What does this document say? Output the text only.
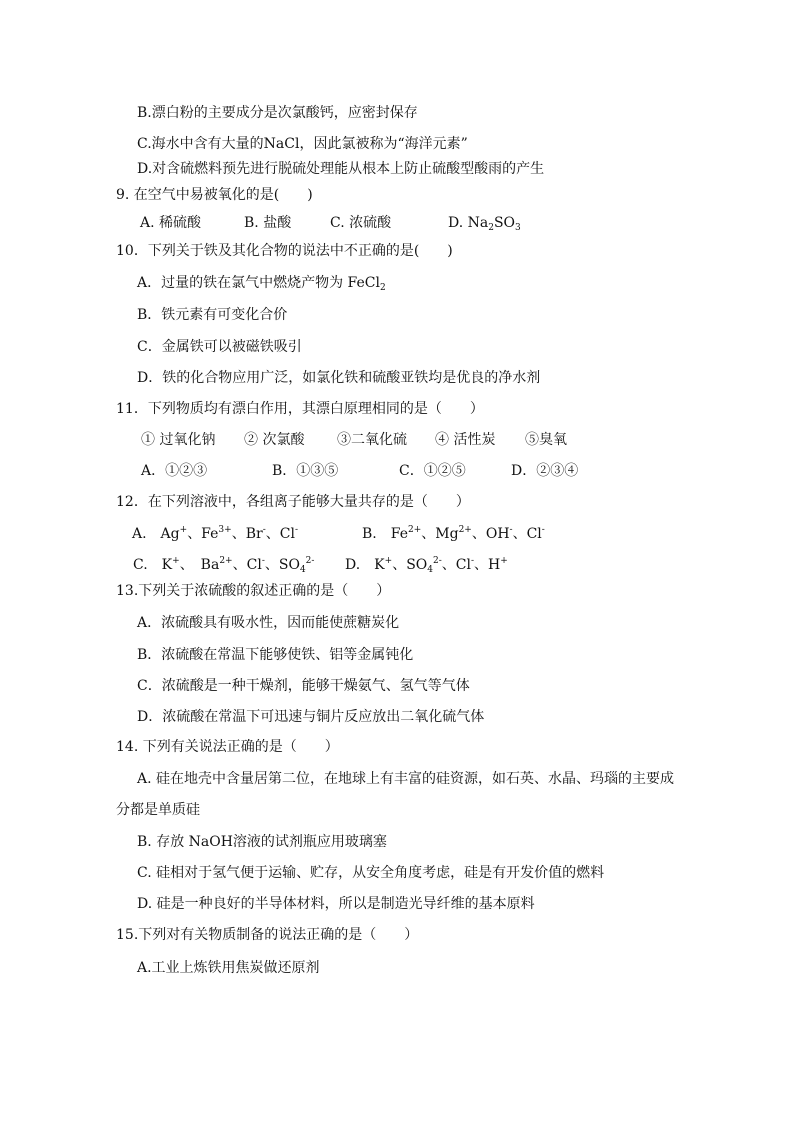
B.漂白粉的主要成分是次氯酸钙，应密封保存
C.海水中含有大量的NaCl，因此氯被称为“海洋元素”
D.对含硫燃料预先进行脱硫处理能从根本上防止硫酸型酸雨的产生
9. 在空气中易被氧化的是(　　)
A. 稀硫酸	B. 盐酸	C. 浓硫酸	D. $Na_2SO_3$
10．下列关于铁及其化合物的说法中不正确的是(　　)
A．过量的铁在氯气中燃烧产物为 FeCl$_2$
B．铁元素有可变化合价
C．金属铁可以被磁铁吸引
D．铁的化合物应用广泛，如氯化铁和硫酸亚铁均是优良的净水剂
11．下列物质均有漂白作用，其漂白原理相同的是（　　）
① 过氧化钠 ② 次氯酸 ③二氧化硫 ④ 活性炭 ⑤臭氧
A．①②③	B．①③⑤	C．①②⑤	D．②③④
12．在下列溶液中，各组离子能够大量共存的是（　　）
A.　Ag+、$Fe^{3+}$、Br-、Cl-	B.　$Fe^{2+}$、$Mg^{2+}$、OH-、Cl-
C.　K+、　$Ba^{2+}$、Cl-、$SO_4^{2-}$ D.　K+、$SO_4^{2-}$、Cl-、H+
13.下列关于浓硫酸的叙述正确的是（　　）
A．浓硫酸具有吸水性，因而能使蔗糖炭化
B．浓硫酸在常温下能够使铁、铝等金属钝化
C．浓硫酸是一种干燥剂，能够干燥氨气、氢气等气体
D．浓硫酸在常温下可迅速与铜片反应放出二氧化硫气体
14. 下列有关说法正确的是（　　）
A. 硅在地壳中含量居第二位，在地球上有丰富的硅资源，如石英、水晶、玛瑙的主要成
分都是单质硅
B. 存放 NaOH溶液的试剂瓶应用玻璃塞
C. 硅相对于氢气便于运输、贮存，从安全角度考虑，硅是有开发价值的燃料
D. 硅是一种良好的半导体材料，所以是制造光导纤维的基本原料
15.下列对有关物质制备的说法正确的是（　　）
A.工业上炼铁用焦炭做还原剂
